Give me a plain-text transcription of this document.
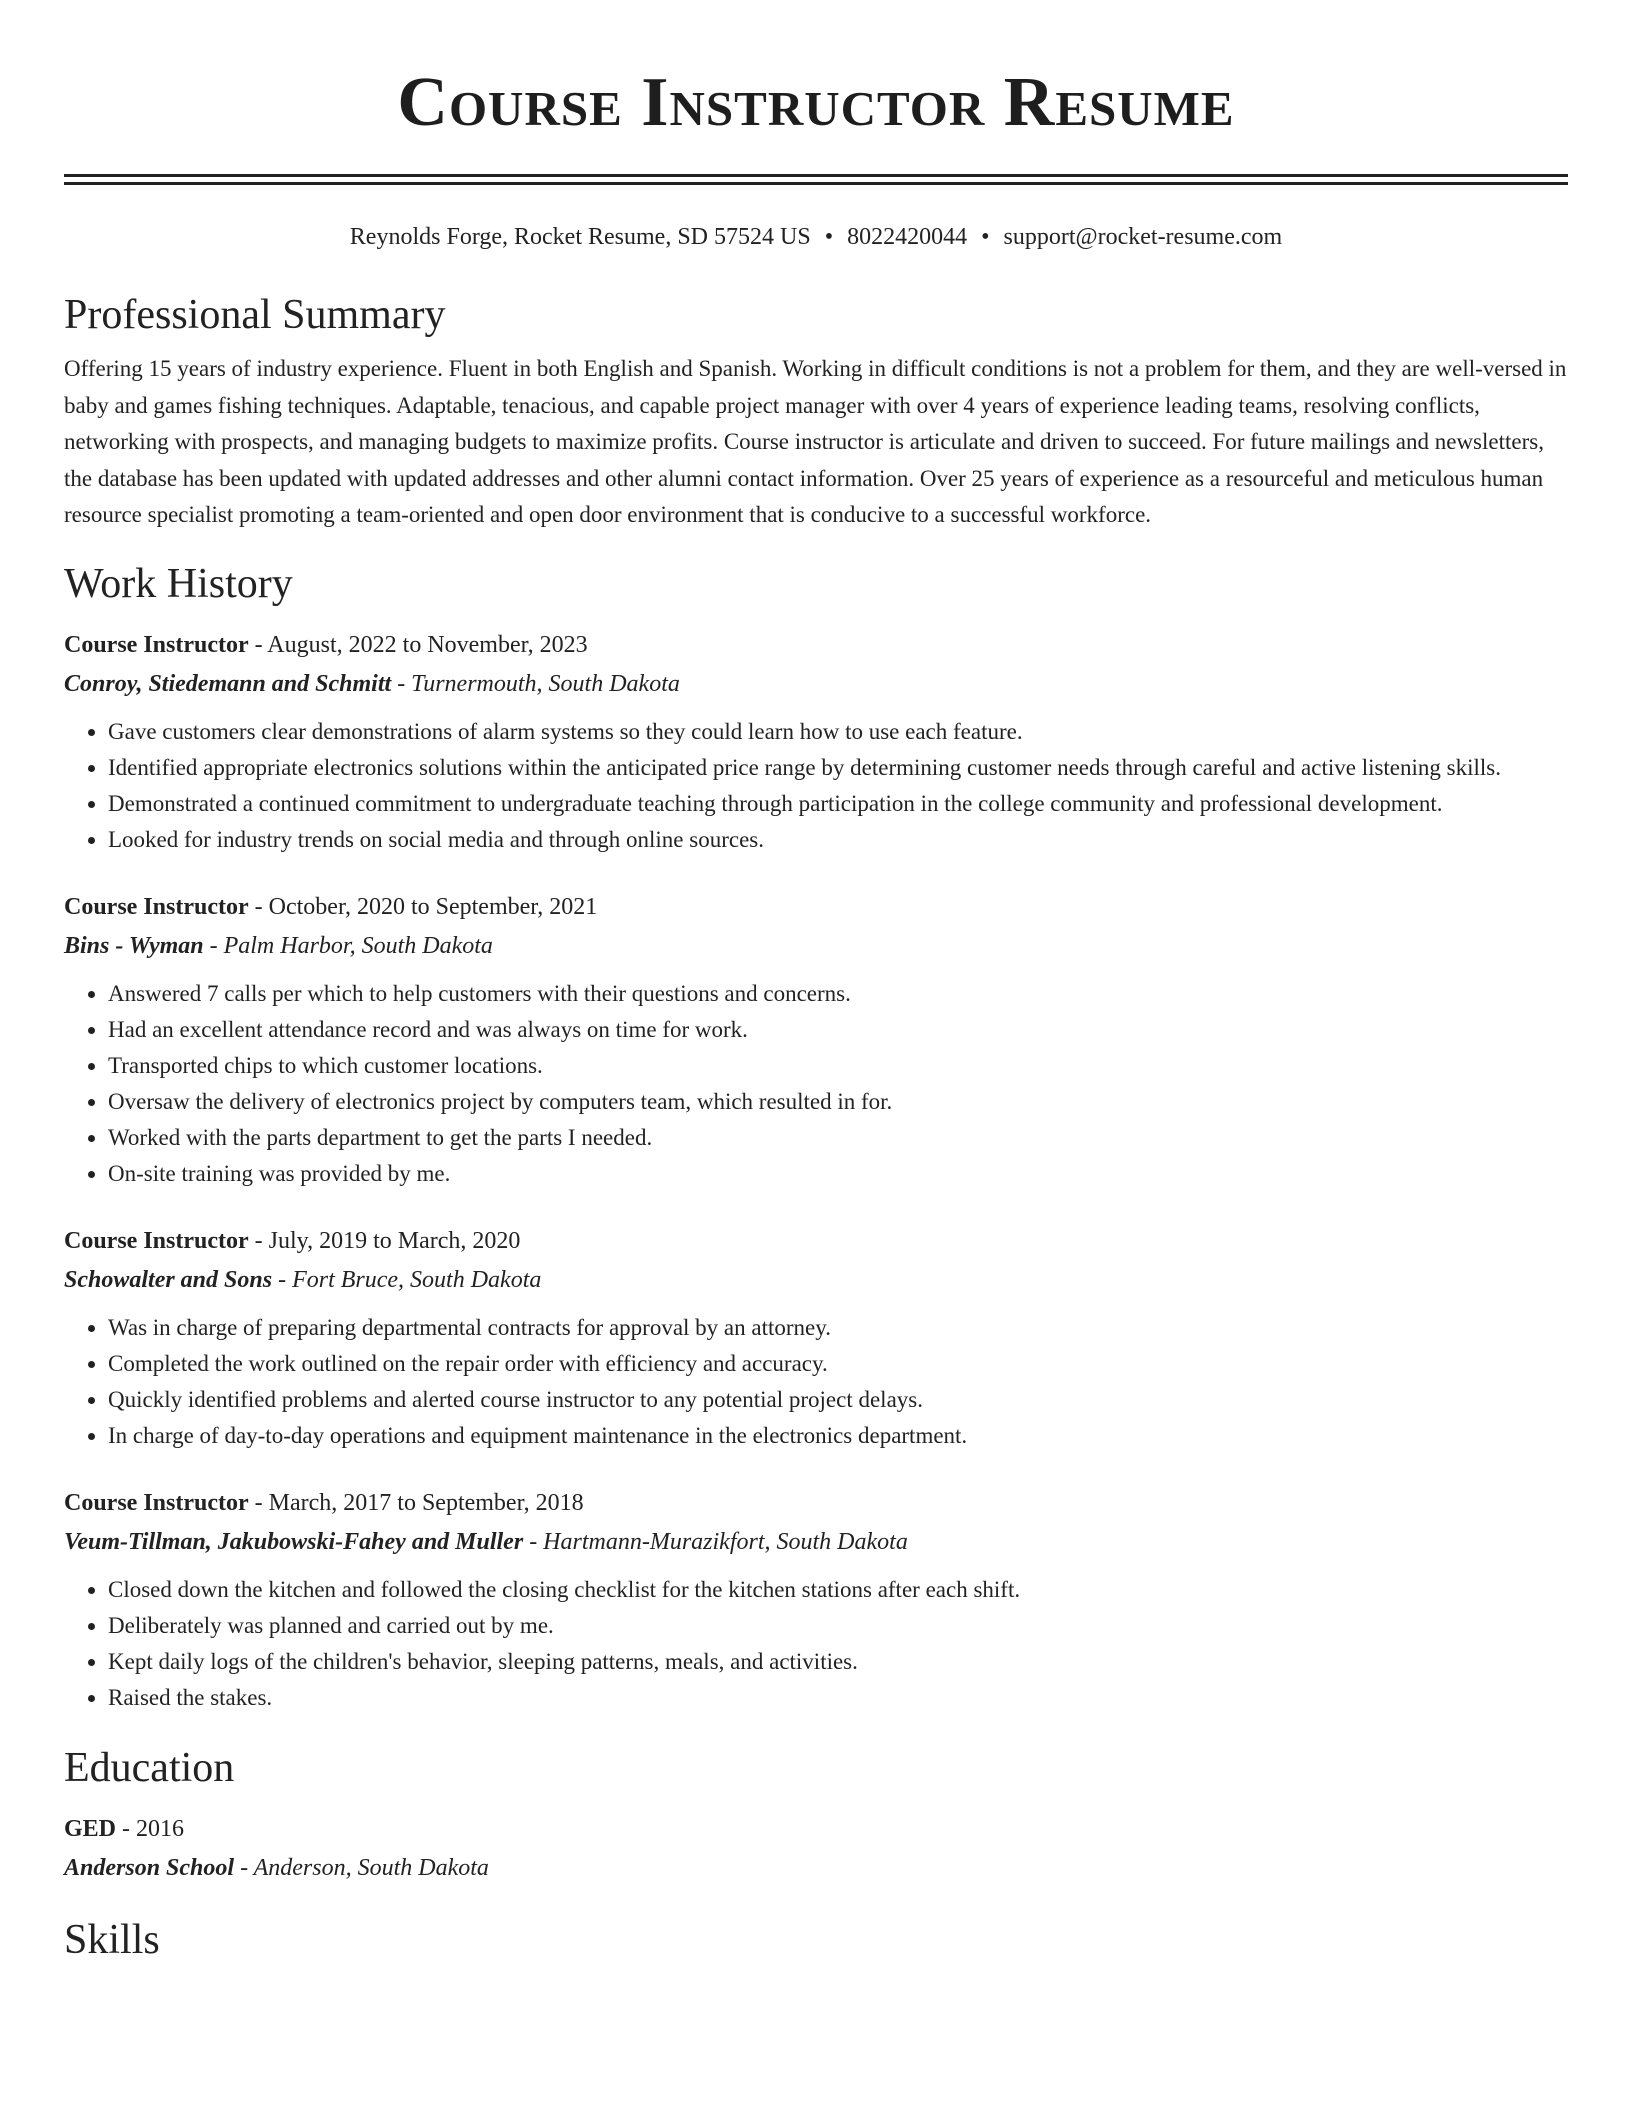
Course Instructor Resume
Reynolds Forge, Rocket Resume, SD 57524 US • 8022420044 • support@rocket-resume.com
Professional Summary

Offering 15 years of industry experience. Fluent in both English and Spanish. Working in difficult conditions is not a problem for them, and they are well-versed in baby and games fishing techniques. Adaptable, tenacious, and capable project manager with over 4 years of experience leading teams, resolving conflicts, networking with prospects, and managing budgets to maximize profits. Course instructor is articulate and driven to succeed. For future mailings and newsletters, the database has been updated with updated addresses and other alumni contact information. Over 25 years of experience as a resourceful and meticulous human resource specialist promoting a team-oriented and open door environment that is conducive to a successful workforce.

Work History
Course Instructor - August, 2022 to November, 2023
Conroy, Stiedemann and Schmitt - Turnermouth, South Dakota
• Gave customers clear demonstrations of alarm systems so they could learn how to use each feature.
• Identified appropriate electronics solutions within the anticipated price range by determining customer needs through careful and active listening skills.
• Demonstrated a continued commitment to undergraduate teaching through participation in the college community and professional development.
• Looked for industry trends on social media and through online sources.
Course Instructor - October, 2020 to September, 2021
Bins - Wyman - Palm Harbor, South Dakota
• Answered 7 calls per which to help customers with their questions and concerns.
• Had an excellent attendance record and was always on time for work.
• Transported chips to which customer locations.
• Oversaw the delivery of electronics project by computers team, which resulted in for.
• Worked with the parts department to get the parts I needed.
• On-site training was provided by me.
Course Instructor - July, 2019 to March, 2020
Schowalter and Sons - Fort Bruce, South Dakota
• Was in charge of preparing departmental contracts for approval by an attorney.
• Completed the work outlined on the repair order with efficiency and accuracy.
• Quickly identified problems and alerted course instructor to any potential project delays.
• In charge of day-to-day operations and equipment maintenance in the electronics department.
Course Instructor - March, 2017 to September, 2018
Veum-Tillman, Jakubowski-Fahey and Muller - Hartmann-Murazikfort, South Dakota
• Closed down the kitchen and followed the closing checklist for the kitchen stations after each shift.
• Deliberately was planned and carried out by me.
• Kept daily logs of the children's behavior, sleeping patterns, meals, and activities.
• Raised the stakes.
Education
GED - 2016
Anderson School - Anderson, South Dakota
Skills
